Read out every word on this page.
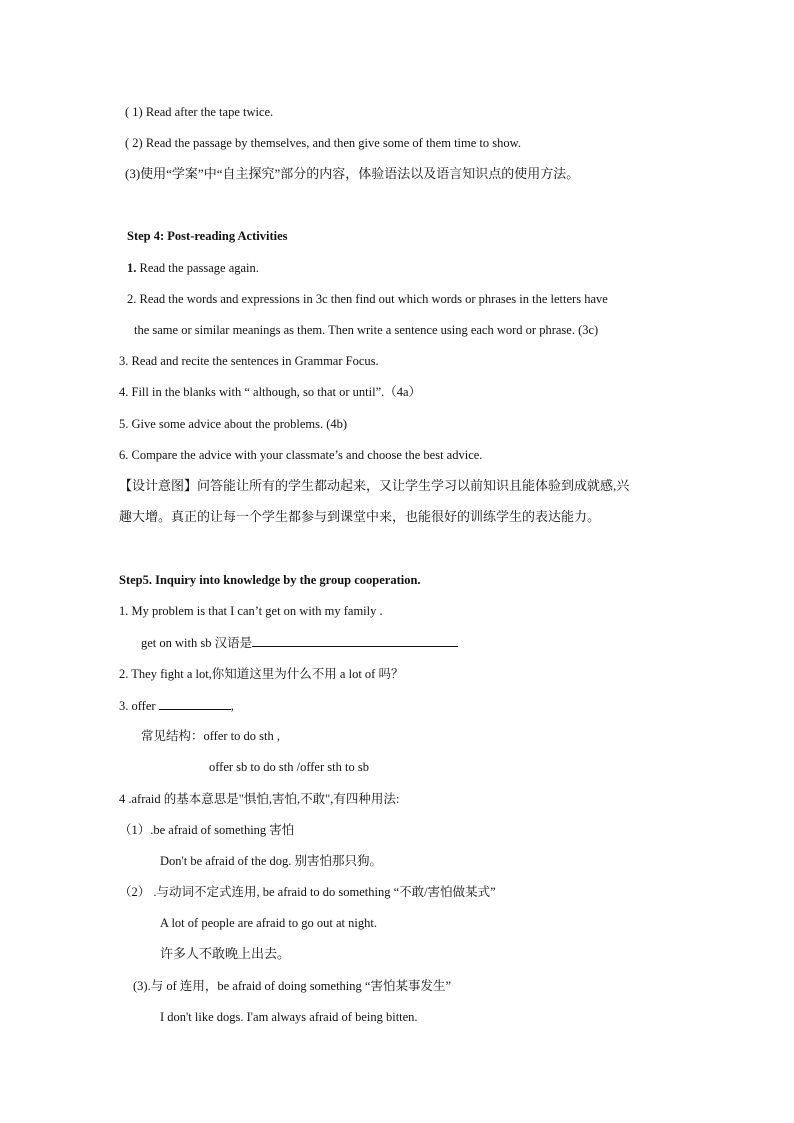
( 1) Read after the tape twice.
( 2) Read the passage by themselves, and then give some of them time to show.
(3)使用“学案”中“自主探究”部分的内容，体验语法以及语言知识点的使用方法。
Step 4: Post-reading Activities
1. Read the passage again.
2. Read the words and expressions in 3c then find out which words or phrases in the letters have
the same or similar meanings as them. Then write a sentence using each word or phrase. (3c)
3. Read and recite the sentences in Grammar Focus.
4. Fill in the blanks with “ although, so that or until”.（4a）
5. Give some advice about the problems. (4b)
6. Compare the advice with your classmate’s and choose the best advice.
【设计意图】问答能让所有的学生都动起来，又让学生学习以前知识且能体验到成就感,兴
趣大增。真正的让每一个学生都参与到课堂中来，也能很好的训练学生的表达能力。
Step5. Inquiry into knowledge by the group cooperation.
1. My problem is that I can’t get on with my family .
get on with sb 汉语是
2. They fight a lot,你知道这里为什么不用 a lot of 吗？
3. offer	,
常见结构：offer to do sth ,
offer sb to do sth /offer sth to sb
4 .afraid 的基本意思是"惧怕,害怕,不敢",有四种用法:
（1）.be afraid of something 害怕
Don't be afraid of the dog. 别害怕那只狗。
（2） .与动词不定式连用, be afraid to do something “不敢/害怕做某式”
A lot of people are afraid to go out at night.
许多人不敢晚上出去。
(3).与 of 连用，be afraid of doing something “害怕某事发生”
I don't like dogs. I'am always afraid of being bitten.
